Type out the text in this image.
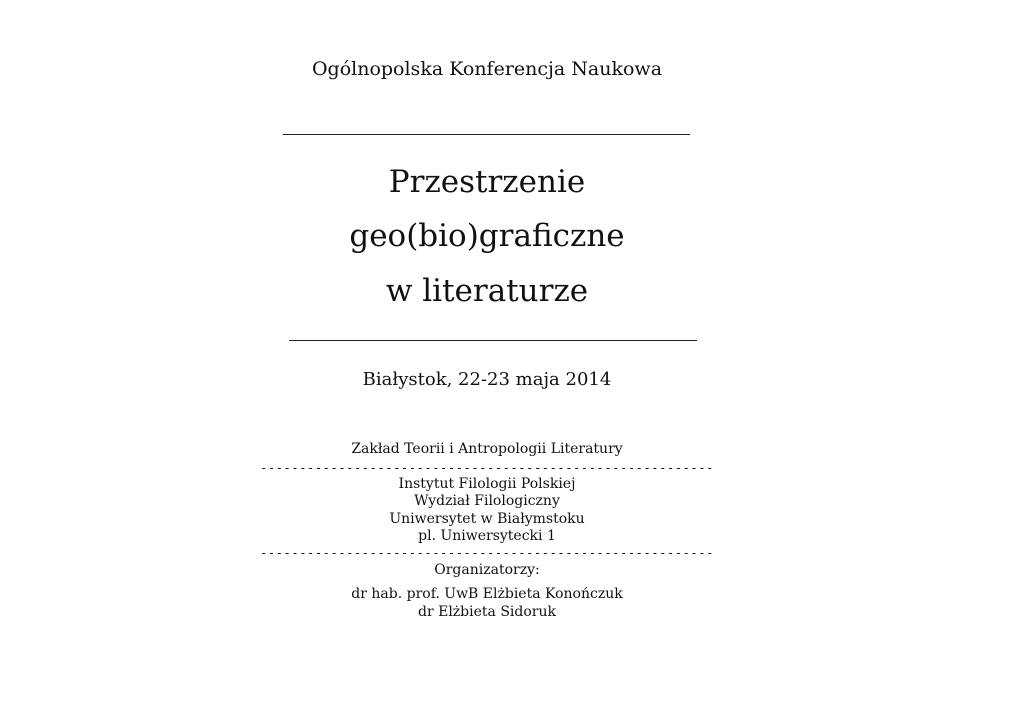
Ogólnopolska Konferencja Naukowa
Przestrzenie
geo(bio)graficzne
w literaturze
Białystok, 22-23 maja 2014
Zakład Teorii i Antropologii Literatury
----------------------------------------------------------
Instytut Filologii Polskiej
Wydział Filologiczny
Uniwersytet w Białymstoku
pl. Uniwersytecki 1
----------------------------------------------------------
Organizatorzy:
dr hab. prof. UwB Elżbieta Konończuk
dr Elżbieta Sidoruk
